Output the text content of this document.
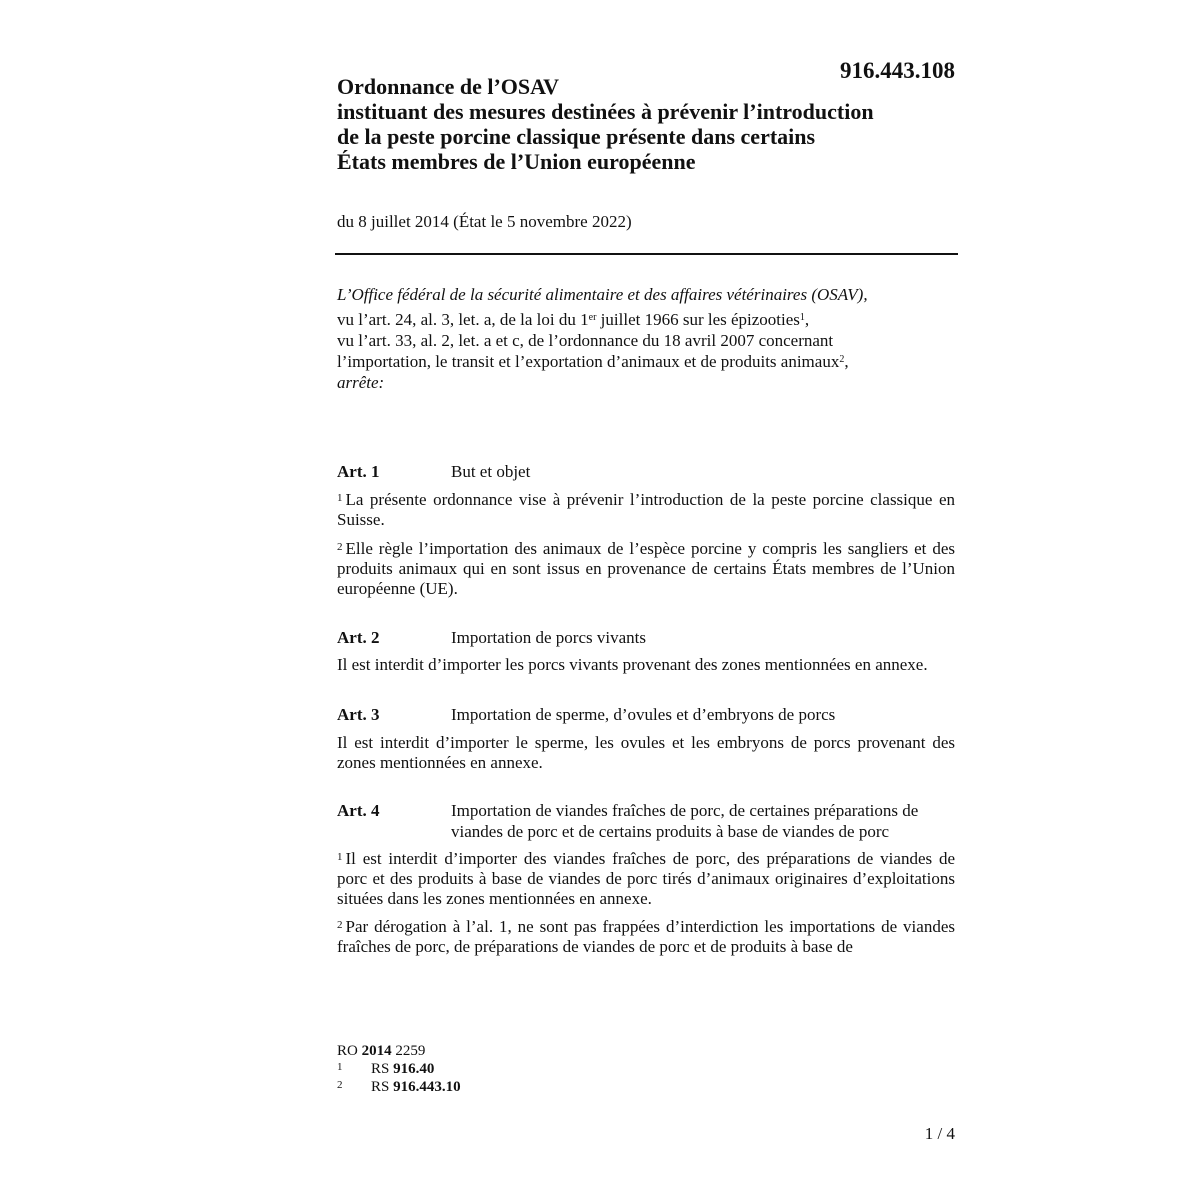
916.443.108
Ordonnance de l’OSAV
instituant des mesures destinées à prévenir l’introduction
de la peste porcine classique présente dans certains
États membres de l’Union européenne
du 8 juillet 2014 (État le 5 novembre 2022)
L’Office fédéral de la sécurité alimentaire et des affaires vétérinaires (OSAV),
vu l’art. 24, al. 3, let. a, de la loi du 1er juillet 1966 sur les épizooties$^1$,
vu l’art. 33, al. 2, let. a et c, de l’ordonnance du 18 avril 2007 concernant
l’importation, le transit et l’exportation d’animaux et de produits animaux$^2$,
arrête:
Art. 1	But et objet
$^1$ La présente ordonnance vise à prévenir l’introduction de la peste porcine classique en Suisse.
$^2$ Elle règle l’importation des animaux de l’espèce porcine y compris les sangliers et des produits animaux qui en sont issus en provenance de certains États membres de l’Union européenne (UE).
Art. 2	Importation de porcs vivants
Il est interdit d’importer les porcs vivants provenant des zones mentionnées en annexe.
Art. 3	Importation de sperme, d’ovules et d’embryons de porcs
Il est interdit d’importer le sperme, les ovules et les embryons de porcs provenant des zones mentionnées en annexe.
Art. 4	Importation de viandes fraîches de porc, de certaines préparations de viandes de porc et de certains produits à base de viandes de porc
$^1$ Il est interdit d’importer des viandes fraîches de porc, des préparations de viandes de porc et des produits à base de viandes de porc tirés d’animaux originaires d’exploitations situées dans les zones mentionnées en annexe.
$^2$ Par dérogation à l’al. 1, ne sont pas frappées d’interdiction les importations de viandes fraîches de porc, de préparations de viandes de porc et de produits à base de
RO 2014 2259
1	RS 916.40
2	RS 916.443.10
1 / 4
